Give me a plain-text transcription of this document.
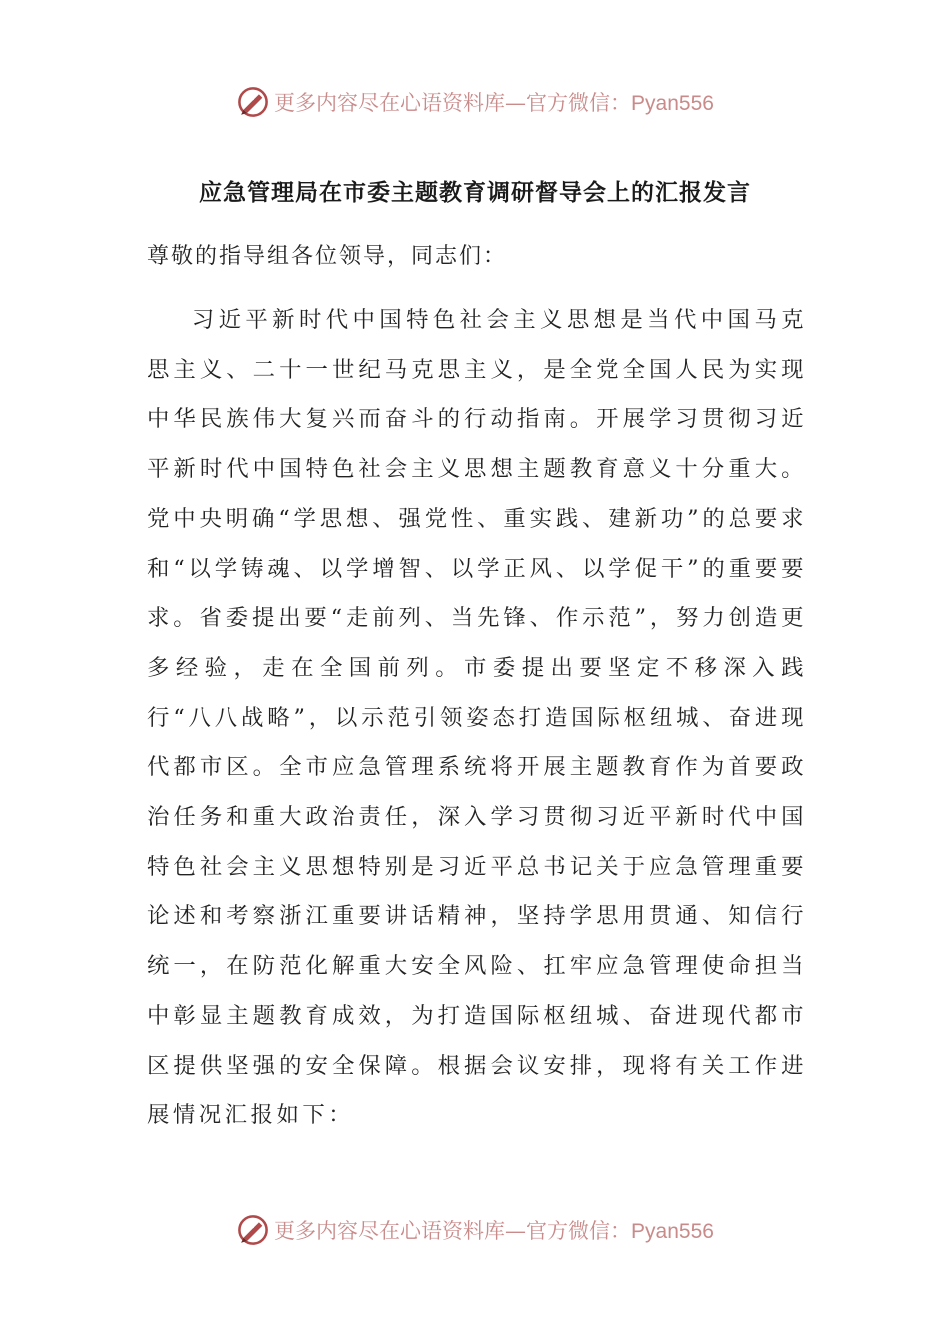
更多内容尽在心语资料库—官方微信：Pyan556
应急管理局在市委主题教育调研督导会上的汇报发言

尊敬的指导组各位领导，同志们：

习近平新时代中国特色社会主义思想是当代中国马克思主义、二十一世纪马克思主义，是全党全国人民为实现中华民族伟大复兴而奋斗的行动指南。开展学习贯彻习近平新时代中国特色社会主义思想主题教育意义十分重大。党中央明确“学思想、强党性、重实践、建新功”的总要求和“以学铸魂、以学增智、以学正风、以学促干”的重要要求。省委提出要“走前列、当先锋、作示范”，努力创造更多经验，走在全国前列。市委提出要坚定不移深入践行“八八战略”，以示范引领姿态打造国际枢纽城、奋进现代都市区。全市应急管理系统将开展主题教育作为首要政治任务和重大政治责任，深入学习贯彻习近平新时代中国特色社会主义思想特别是习近平总书记关于应急管理重要论述和考察浙江重要讲话精神，坚持学思用贯通、知信行统一，在防范化解重大安全风险、扛牢应急管理使命担当中彰显主题教育成效，为打造国际枢纽城、奋进现代都市区提供坚强的安全保障。根据会议安排，现将有关工作进展情况汇报如下：

更多内容尽在心语资料库—官方微信：Pyan556
